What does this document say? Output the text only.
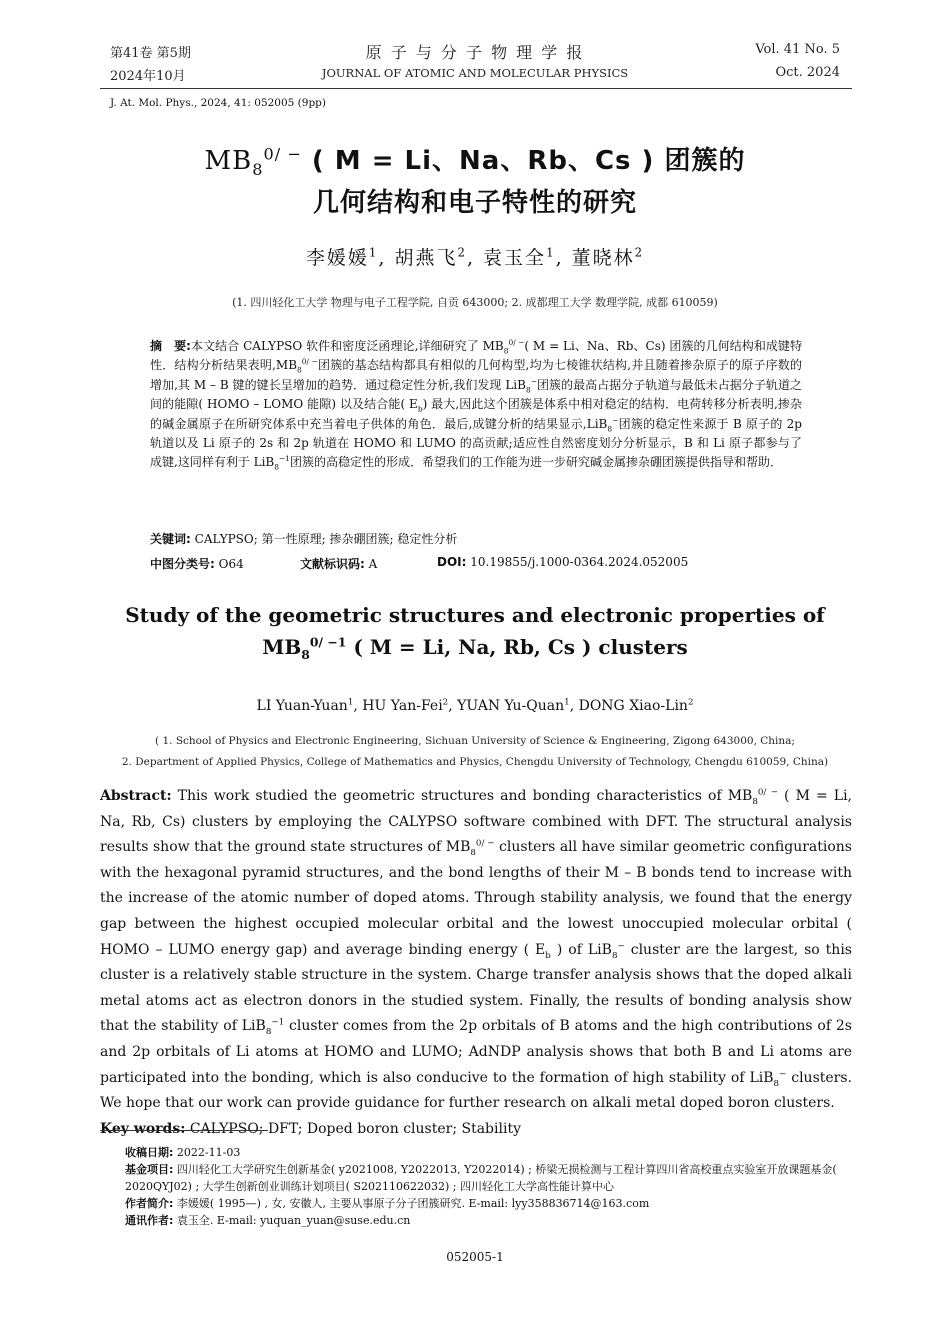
第41卷 第5期
2024年10月
原 子 与 分 子 物 理 学 报
JOURNAL OF ATOMIC AND MOLECULAR PHYSICS
Vol. 41 No. 5
Oct. 2024
J. At. Mol. Phys., 2024, 41: 052005 (9pp)
$MB_8^{0/ -}$ ( M = Li、Na、Rb、Cs ) 团簇的
几何结构和电子特性的研究
李媛媛$^1$, 胡燕飞$^2$, 袁玉全$^1$, 董晓林$^2$
(1. 四川轻化工大学 物理与电子工程学院, 自贡 643000; 2. 成都理工大学 数理学院, 成都 610059)
摘　要:本文结合 CALYPSO 软件和密度泛函理论,详细研究了 $MB_8^{0/ -}$( M = Li、Na、Rb、Cs) 团簇的几何结构和成键特性．结构分析结果表明$,MB_8^{0/ -}$团簇的基态结构都具有相似的几何构型,均为七棱锥状结构,并且随着掺杂原子的原子序数的增加,其 M – B 键的键长呈增加的趋势．通过稳定性分析,我们发现 LiB$_8$−团簇的最高占据分子轨道与最低未占据分子轨道之间的能隙( HOMO – LOMO 能隙) 以及结合能( $E_b$) 最大,因此这个团簇是体系中相对稳定的结构．电荷转移分析表明,掺杂的碱金属原子在所研究体系中充当着电子供体的角色．最后,成键分析的结果显示,LiB$_8$−团簇的稳定性来源于 B 原子的 2p 轨道以及 Li 原子的 2s 和 2p 轨道在 HOMO 和 LUMO 的高贡献;适应性自然密度划分分析显示，B 和 Li 原子都参与了成键,这同样有利于 LiB$_8^{-1}$团簇的高稳定性的形成．希望我们的工作能为进一步研究碱金属掺杂硼团簇提供指导和帮助．
关键词: CALYPSO; 第一性原理; 掺杂硼团簇; 稳定性分析
中图分类号: O64	文献标识码: A	DOI: 10.19855/j.1000-0364.2024.052005
Study of the geometric structures and electronic properties of
$MB_8^{0/ -1}$ ( M = Li, Na, Rb, Cs ) clusters
LI Yuan-Yuan$^1$, HU Yan-Fei$^2$, YUAN Yu-Quan$^1$, DONG Xiao-Lin$^2$
( 1. School of Physics and Electronic Engineering, Sichuan University of Science & Engineering, Zigong 643000, China;
2. Department of Applied Physics, College of Mathematics and Physics, Chengdu University of Technology, Chengdu 610059, China)
Abstract: This work studied the geometric structures and bonding characteristics of $MB_8^{0/ -}$ ( M = Li, Na, Rb, Cs) clusters by employing the CALYPSO software combined with DFT. The structural analysis results show that the ground state structures of $MB_8^{0/ -}$ clusters all have similar geometric configurations with the hexagonal pyramid structures, and the bond lengths of their M – B bonds tend to increase with the increase of the atomic number of doped atoms. Through stability analysis, we found that the energy gap between the highest occupied molecular orbital and the lowest unoccupied molecular orbital ( HOMO – LUMO energy gap) and average binding energy ( $E_b$ ) of LiB$_8$− cluster are the largest, so this cluster is a relatively stable structure in the system. Charge transfer analysis shows that the doped alkali metal atoms act as electron donors in the studied system. Finally, the results of bonding analysis show that the stability of LiB$_8^{-1}$ cluster comes from the 2p orbitals of B atoms and the high contributions of 2s and 2p orbitals of Li atoms at HOMO and LUMO; AdNDP analysis shows that both B and Li atoms are participated into the bonding, which is also conducive to the formation of high stability of LiB$_8$− clusters. We hope that our work can provide guidance for further research on alkali metal doped boron clusters.
Key words: CALYPSO; DFT; Doped boron cluster; Stability
收稿日期: 2022-11-03
基金项目: 四川轻化工大学研究生创新基金( y2021008, Y2022013, Y2022014) ; 桥梁无损检测与工程计算四川省高校重点实验室开放课题基金( 2020QYJ02) ; 大学生创新创业训练计划项目( S202110622032) ; 四川轻化工大学高性能计算中心
作者简介: 李媛媛( 1995—) , 女, 安徽人, 主要从事原子分子团簇研究. E-mail: lyy358836714@163.com
通讯作者: 袁玉全. E-mail: yuquan_yuan@suse.edu.cn
052005-1
